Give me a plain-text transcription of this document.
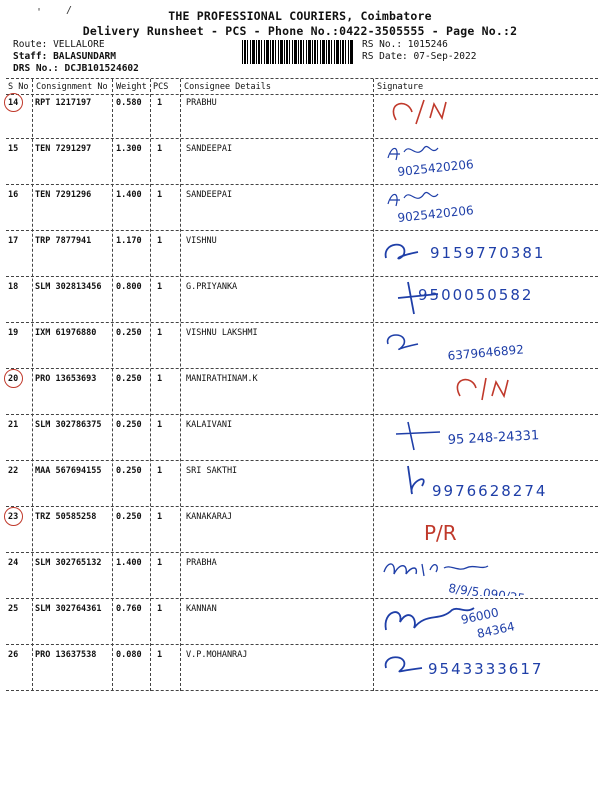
' /	THE PROFESSIONAL COURIERS, Coimbatore
Delivery Runsheet - PCS - Phone No.:0422-3505555 - Page No.:2
Route: VELLALORE
Staff: BALASUNDARM
DRS No.: DCJB101524602
RS No.: 1015246
RS Date: 07-Sep-2022
S No Consignment No Weight PCS Consignee Details	Signature
14 RPT 1217197	0.580 1	PRABHU
15 TEN 7291297	1.300 1	SANDEEPAI
9025420206
16 TEN 7291296	1.400 1	SANDEEPAI
9025420206
17 TRP 7877941	1.170 1	VISHNU
9159770381
18 SLM 302813456 0.800 1	G.PRIYANKA	9500050582
19 IXM 61976880 0.250 1	VISHNU LAKSHMI
6379646892
20 PRO 13653693 0.250 1	MANIRATHINAM.K
21 SLM 302786375 0.250 1	KALAIVANI
95 248-24331
22 MAA 567694155 0.250 1	SRI SAKTHI
9976628274
23 TRZ 50585258 0.250 1	KANAKARAJ
P/R
24 SLM 302765132 1.400 1	PRABHA
8/9/5,090/25
25 SLM 302764361 0.760 1	KANNAN	96000
84364
26 PRO 13637538 0.080 1	V.P.MOHANRAJ
9543333617
